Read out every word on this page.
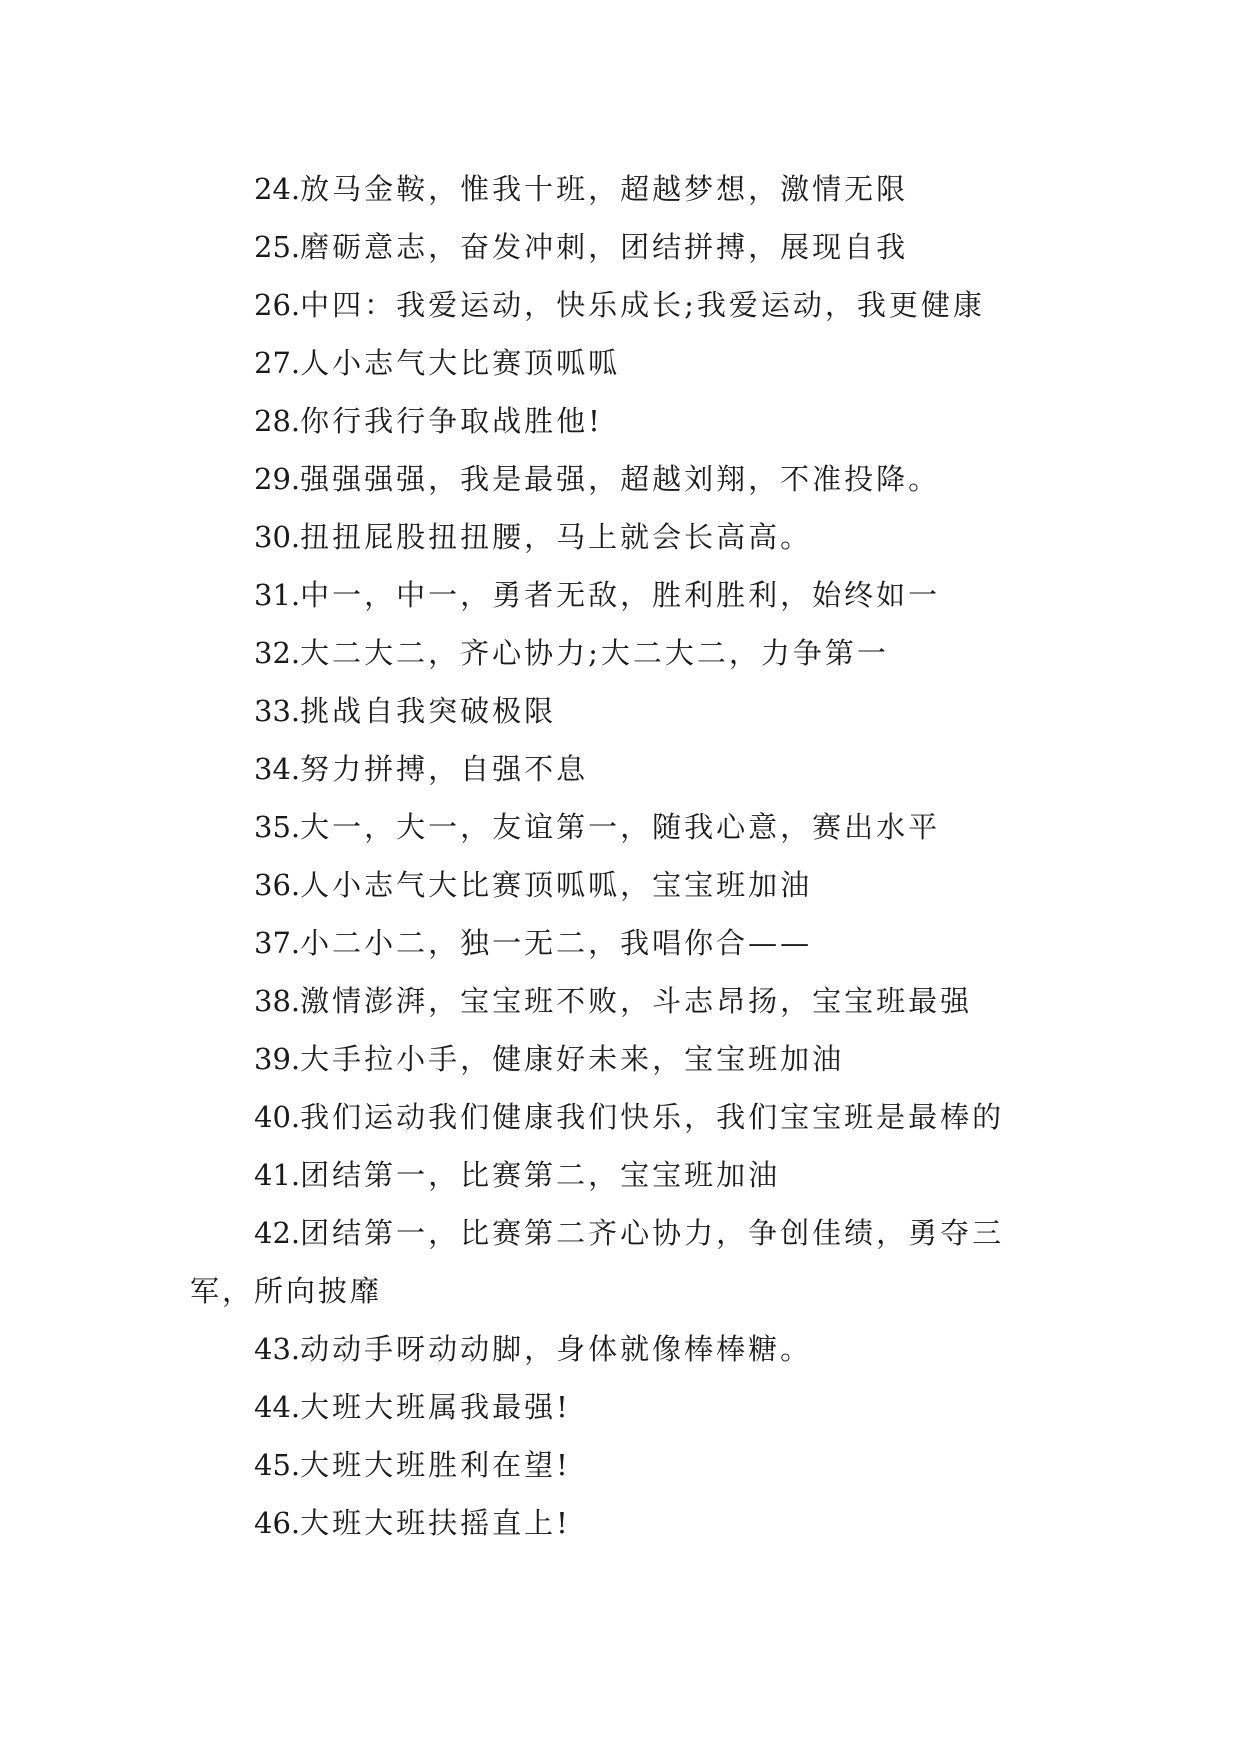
24.放马金鞍，惟我十班，超越梦想，激情无限
25.磨砺意志，奋发冲刺，团结拼搏，展现自我
26.中四：我爱运动，快乐成长;我爱运动，我更健康
27.人小志气大比赛顶呱呱
28.你行我行争取战胜他!
29.强强强强，我是最强，超越刘翔，不准投降。
30.扭扭屁股扭扭腰，马上就会长高高。
31.中一，中一，勇者无敌，胜利胜利，始终如一
32.大二大二，齐心协力;大二大二，力争第一
33.挑战自我突破极限
34.努力拼搏，自强不息
35.大一，大一，友谊第一，随我心意，赛出水平
36.人小志气大比赛顶呱呱，宝宝班加油
37.小二小二，独一无二，我唱你合——
38.激情澎湃，宝宝班不败，斗志昂扬，宝宝班最强
39.大手拉小手，健康好未来，宝宝班加油
40.我们运动我们健康我们快乐，我们宝宝班是最棒的
41.团结第一，比赛第二，宝宝班加油
42.团结第一，比赛第二齐心协力，争创佳绩，勇夺三军，所向披靡
43.动动手呀动动脚，身体就像棒棒糖。
44.大班大班属我最强!
45.大班大班胜利在望!
46.大班大班扶摇直上!
